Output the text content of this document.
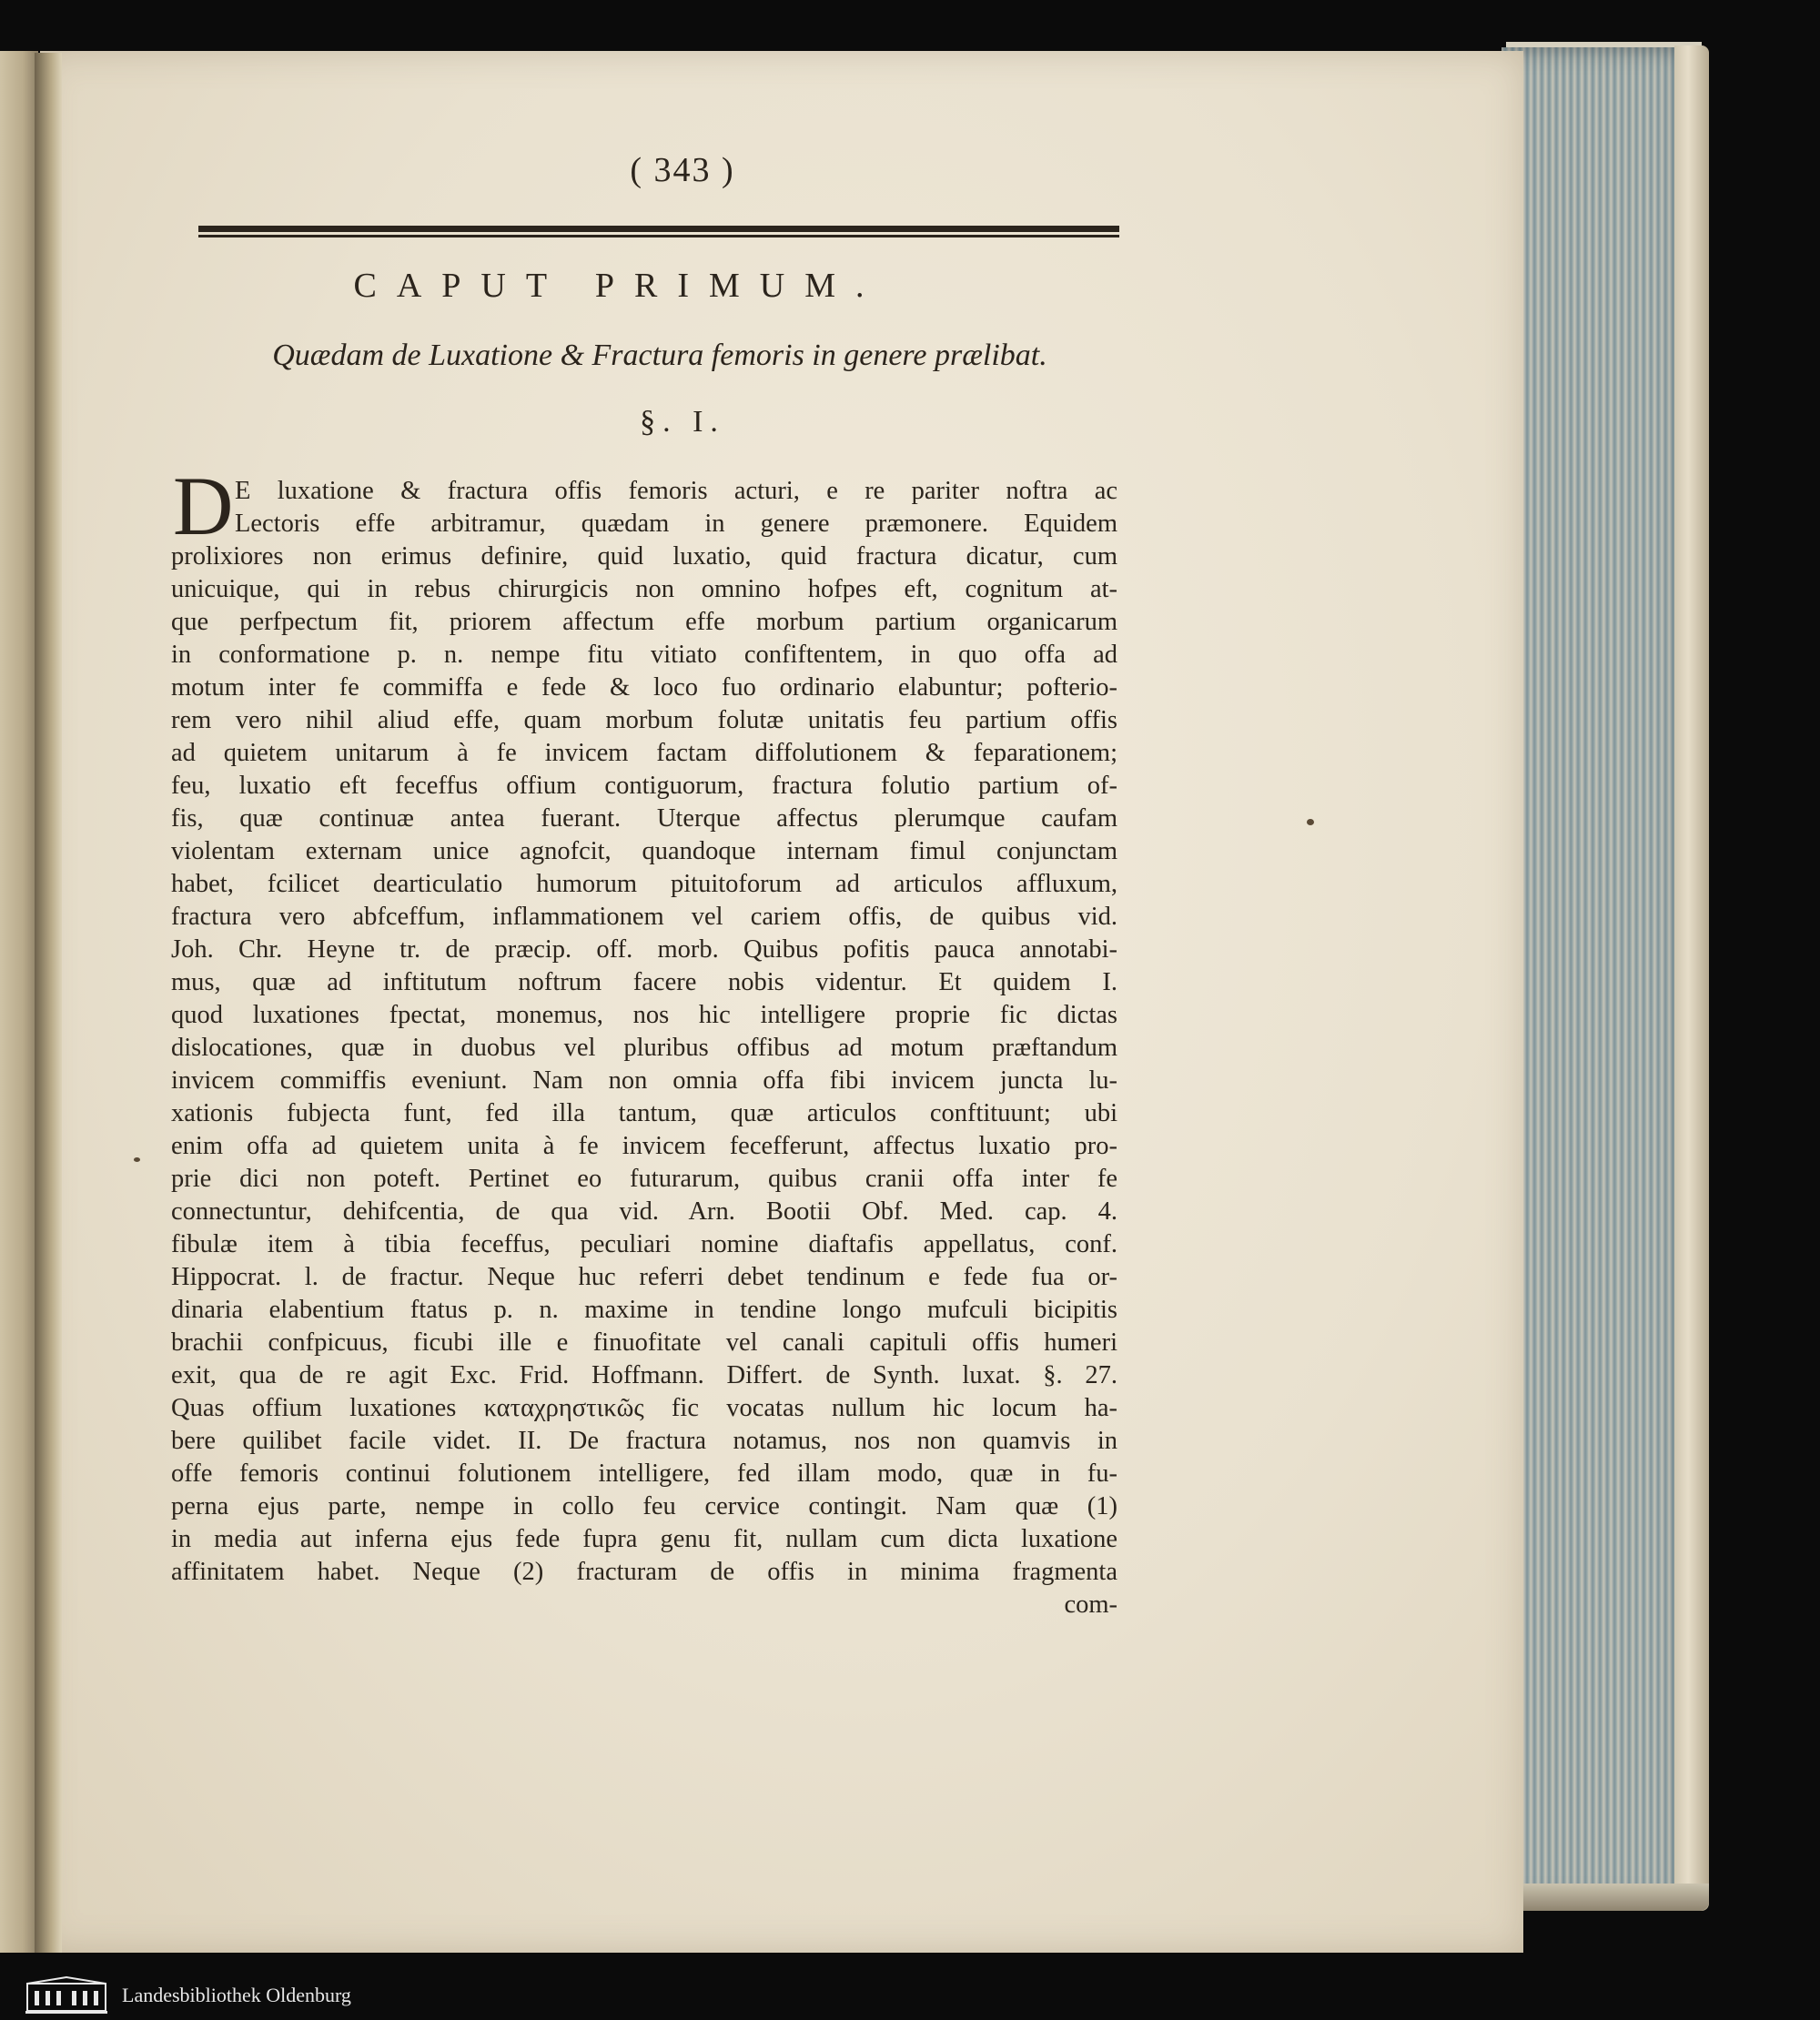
( 343 )
CAPUT PRIMUM.
Quædam de Luxatione & Fractura femoris in genere prælibat.
§. I.
D E luxatione & fractura offis femoris acturi, e re pariter noftra ac
Lectoris effe arbitramur, quædam in genere præmonere. Equidem
prolixiores non erimus definire, quid luxatio, quid fractura dicatur, cum
unicuique, qui in rebus chirurgicis non omnino hofpes eft, cognitum at-
que perfpectum fit, priorem affectum effe morbum partium organicarum
in conformatione p. n. nempe fitu vitiato confiftentem, in quo offa ad
motum inter fe commiffa e fede & loco fuo ordinario elabuntur; pofterio-
rem vero nihil aliud effe, quam morbum folutæ unitatis feu partium offis
ad quietem unitarum à fe invicem factam diffolutionem & feparationem;
feu, luxatio eft feceffus offium contiguorum, fractura folutio partium of-
fis, quæ continuæ antea fuerant. Uterque affectus plerumque caufam
violentam externam unice agnofcit, quandoque internam fimul conjunctam
habet, fcilicet dearticulatio humorum pituitoforum ad articulos affluxum,
fractura vero abfceffum, inflammationem vel cariem offis, de quibus vid.
Joh. Chr. Heyne tr. de præcip. off. morb. Quibus pofitis pauca annotabi-
mus, quæ ad inftitutum noftrum facere nobis videntur. Et quidem I.
quod luxationes fpectat, monemus, nos hic intelligere proprie fic dictas
dislocationes, quæ in duobus vel pluribus offibus ad motum præftandum
invicem commiffis eveniunt. Nam non omnia offa fibi invicem juncta lu-
xationis fubjecta funt, fed illa tantum, quæ articulos conftituunt; ubi
enim offa ad quietem unita à fe invicem fecefferunt, affectus luxatio pro-
prie dici non poteft. Pertinet eo futurarum, quibus cranii offa inter fe
connectuntur, dehifcentia, de qua vid. Arn. Bootii Obf. Med. cap. 4.
fibulæ item à tibia feceffus, peculiari nomine diaftafis appellatus, conf.
Hippocrat. l. de fractur. Neque huc referri debet tendinum e fede fua or-
dinaria elabentium ftatus p. n. maxime in tendine longo mufculi bicipitis
brachii confpicuus, ficubi ille e finuofitate vel canali capituli offis humeri
exit, qua de re agit Exc. Frid. Hoffmann. Differt. de Synth. luxat. §. 27.
Quas offium luxationes καταχρηστικῶς fic vocatas nullum hic locum ha-
bere quilibet facile videt. II. De fractura notamus, nos non quamvis in
offe femoris continui folutionem intelligere, fed illam modo, quæ in fu-
perna ejus parte, nempe in collo feu cervice contingit. Nam quæ (1)
in media aut inferna ejus fede fupra genu fit, nullam cum dicta luxatione
affinitatem habet. Neque (2) fracturam de offis in minima fragmenta
com-
Landesbibliothek Oldenburg
